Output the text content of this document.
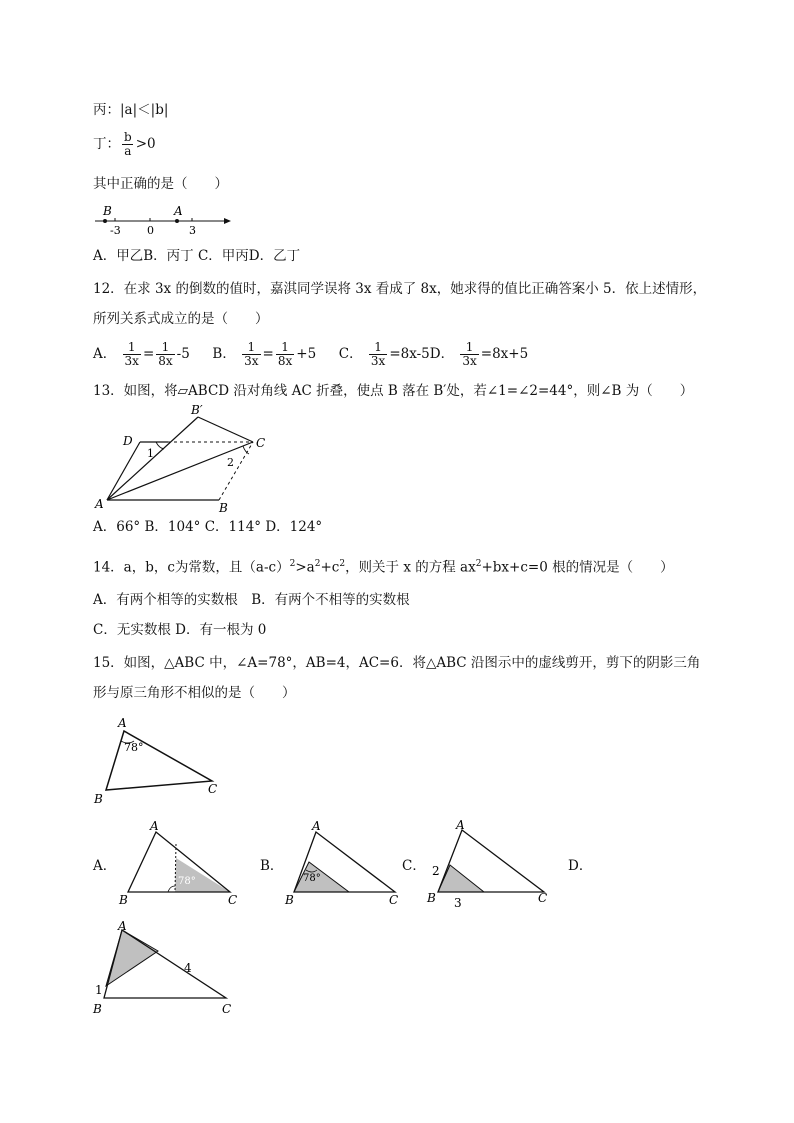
丙：|a|＜|b|
丁： $\frac{b}{a} >0$
其中正确的是（　　）
B	A
-3 0	3
A．甲乙B．丙丁 C．甲丙D．乙丁
12．在求 3x 的倒数的值时，嘉淇同学误将 3x 看成了 8x，她求得的值比正确答案小 5．依上述情形，
所列关系式成立的是（　　）
A． $\frac{1}{3x} = \frac{1}{8x} -5$ B． $\frac{1}{3x} = \frac{1}{8x} +5$ C． $\frac{1}{3x} =8x-5D$． $\frac{1}{3x} =8x+5$
13．如图，将▱ABCD 沿对角线 AC 折叠，使点 B 落在 B′处，若∠1=∠2=44°，则∠B 为（　　）
B′
D	C
A	B
1
2
A．66° B．104° C．114° D．124°
14．a，b，c为常数，且$(a-c)^2>a^2+c^2$，则关于 x 的方程 $ax^2+bx+c=0$ 根的情况是（　　）
A．有两个相等的实数根　B．有两个不相等的实数根
C．无实数根 D．有一根为 0
15．如图，△ABC 中，∠A=78°，AB=4，AC=6．将△ABC 沿图示中的虚线剪开，剪下的阴影三角
形与原三角形不相似的是（　　）
A
78°
B
C
A．
78°
A
B	C
B．
78°
A
B	C
C．
A
2
3
B	C
D．
A
4
1
B	C
